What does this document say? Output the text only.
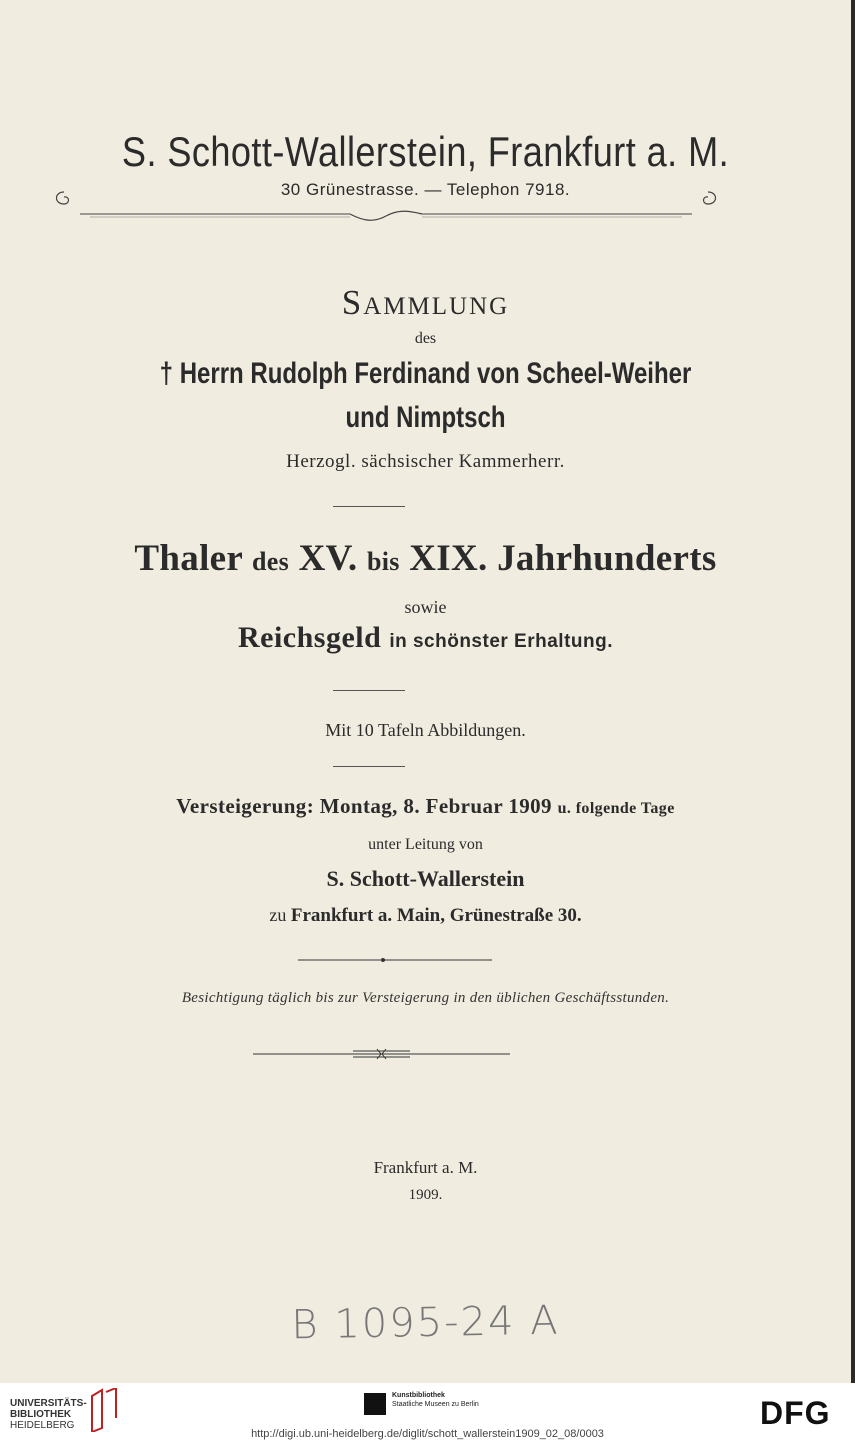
S. Schott-Wallerstein, Frankfurt a. M.
30 Grünestrasse. — Telephon 7918.
Sammlung
des
† Herrn Rudolph Ferdinand von Scheel-Weiher
und Nimptsch
Herzogl. sächsischer Kammerherr.
Thaler des XV. bis XIX. Jahrhunderts
sowie
Reichsgeld in schönster Erhaltung.
Mit 10 Tafeln Abbildungen.
Versteigerung: Montag, 8. Februar 1909 u. folgende Tage
unter Leitung von
S. Schott-Wallerstein
zu Frankfurt a. Main, Grünestraße 30.
Besichtigung täglich bis zur Versteigerung in den üblichen Geschäftsstunden.
Frankfurt a. M.
1909.
B 1095-24 A
UNIVERSITÄTS-
BIBLIOTHEK
HEIDELBERG
Kunstbibliothek
Staatliche Museen zu Berlin	DFG
http://digi.ub.uni-heidelberg.de/diglit/schott_wallerstein1909_02_08/0003
